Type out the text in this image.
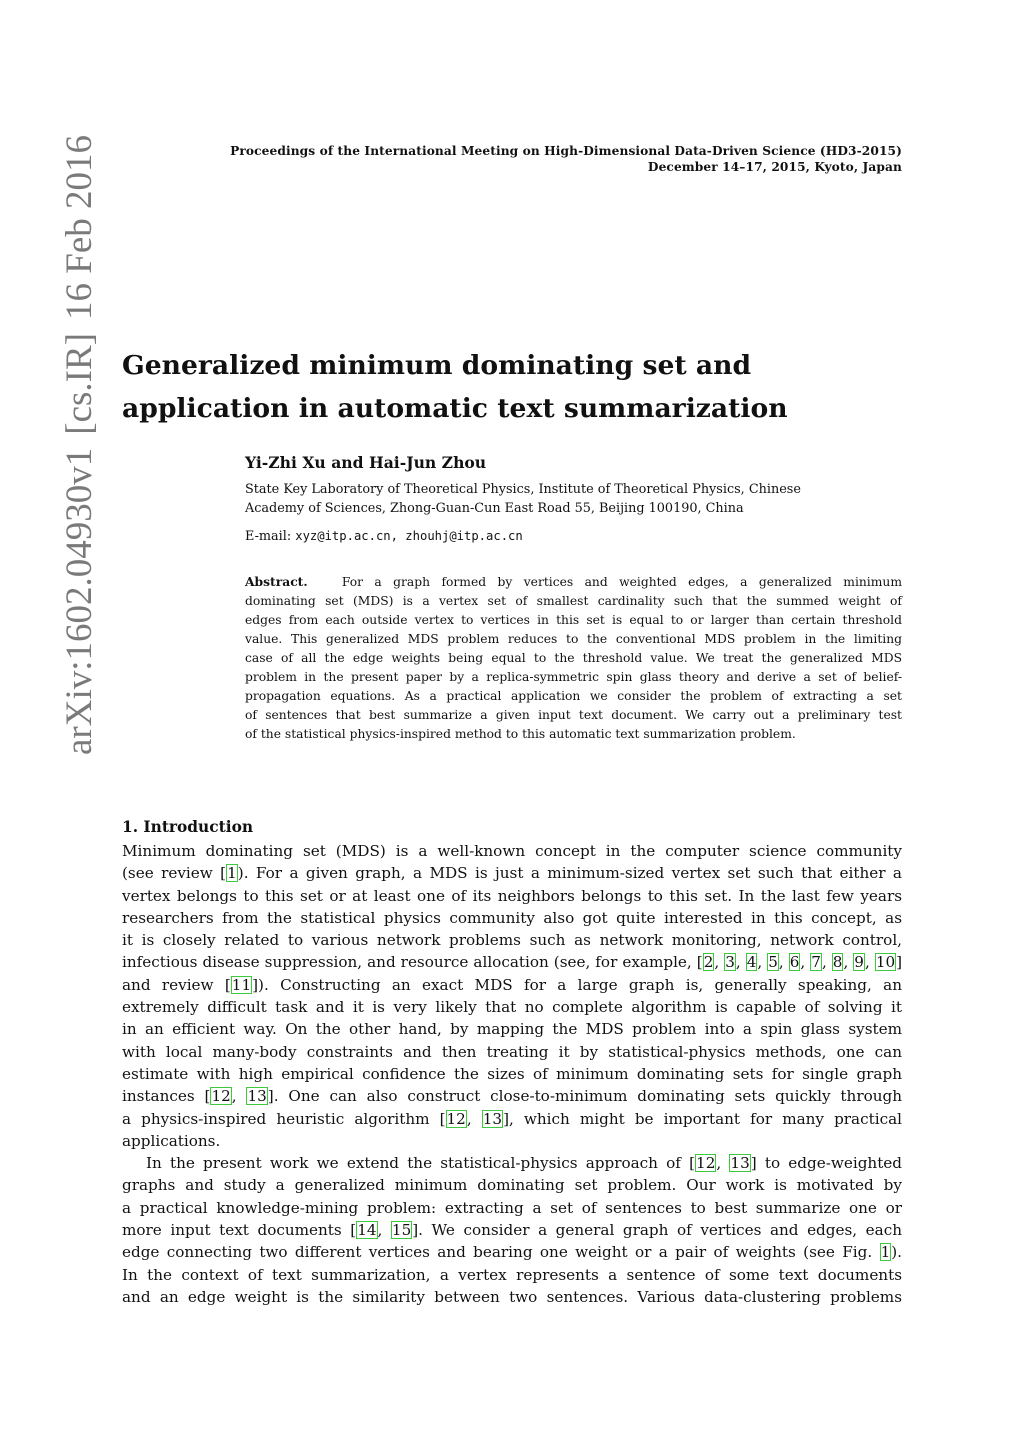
Proceedings of the International Meeting on High-Dimensional Data-Driven Science (HD3-2015)
December 14–17, 2015, Kyoto, Japan
arXiv:1602.04930v1
[cs.IR]
16 Feb 2016
Generalized minimum dominating set and
application in automatic text summarization
Yi-Zhi Xu and Hai-Jun Zhou
State Key Laboratory of Theoretical Physics, Institute of Theoretical Physics, Chinese
Academy of Sciences, Zhong-Guan-Cun East Road 55, Beijing 100190, China
E-mail: xyz@itp.ac.cn, zhouhj@itp.ac.cn
Abstract.	For a graph formed by vertices and weighted edges, a generalized minimum
dominating set (MDS) is a vertex set of smallest cardinality such that the summed weight of
edges from each outside vertex to vertices in this set is equal to or larger than certain threshold
value. This generalized MDS problem reduces to the conventional MDS problem in the limiting
case of all the edge weights being equal to the threshold value. We treat the generalized MDS
problem in the present paper by a replica-symmetric spin glass theory and derive a set of belief-
propagation equations. As a practical application we consider the problem of extracting a set
of sentences that best summarize a given input text document. We carry out a preliminary test
of the statistical physics-inspired method to this automatic text summarization problem.
1. Introduction
Minimum dominating set (MDS) is a well-known concept in the computer science community
(see review [1). For a given graph, a MDS is just a minimum-sized vertex set such that either a
vertex belongs to this set or at least one of its neighbors belongs to this set. In the last few years
researchers from the statistical physics community also got quite interested in this concept, as
it is closely related to various network problems such as network monitoring, network control,
infectious disease suppression, and resource allocation (see, for example, [2, 3, 4, 5, 6, 7, 8, 9, 10]
and review [11]). Constructing an exact MDS for a large graph is, generally speaking, an
extremely difficult task and it is very likely that no complete algorithm is capable of solving it
in an efficient way. On the other hand, by mapping the MDS problem into a spin glass system
with local many-body constraints and then treating it by statistical-physics methods, one can
estimate with high empirical confidence the sizes of minimum dominating sets for single graph
instances [12, 13]. One can also construct close-to-minimum dominating sets quickly through
a physics-inspired heuristic algorithm [12, 13], which might be important for many practical
applications.
In the present work we extend the statistical-physics approach of [12, 13] to edge-weighted
graphs and study a generalized minimum dominating set problem. Our work is motivated by
a practical knowledge-mining problem: extracting a set of sentences to best summarize one or
more input text documents [14, 15]. We consider a general graph of vertices and edges, each
edge connecting two different vertices and bearing one weight or a pair of weights (see Fig. 1).
In the context of text summarization, a vertex represents a sentence of some text documents
and an edge weight is the similarity between two sentences. Various data-clustering problems
